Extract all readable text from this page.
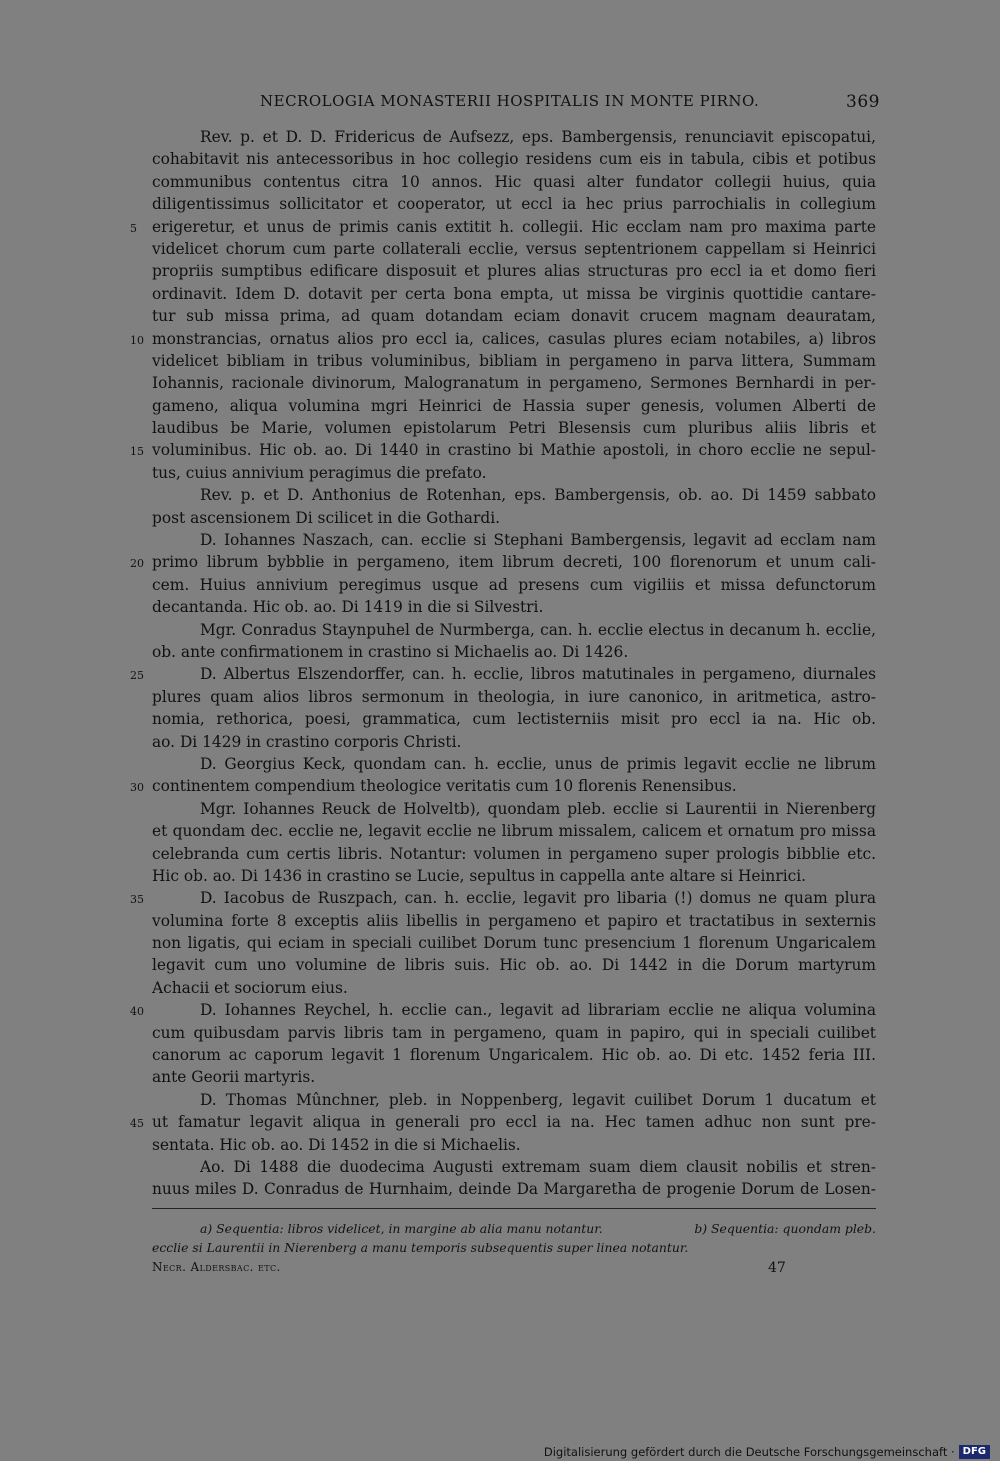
NECROLOGIA MONASTERII HOSPITALIS IN MONTE PIRNO.	369
Rev. p. et D. D. Fridericus de Aufsezz, eps. Bambergensis, renunciavit episcopatui,
cohabitavit nis antecessoribus in hoc collegio residens cum eis in tabula, cibis et potibus
communibus contentus citra 10 annos. Hic quasi alter fundator collegii huius, quia
diligentissimus sollicitator et cooperator, ut eccl ia hec prius parrochialis in collegium
5 erigeretur, et unus de primis canis extitit h. collegii. Hic ecclam nam pro maxima parte
videlicet chorum cum parte collaterali ecclie, versus septentrionem cappellam si Heinrici
propriis sumptibus edificare disposuit et plures alias structuras pro eccl ia et domo fieri
ordinavit. Idem D. dotavit per certa bona empta, ut missa be virginis quottidie cantare-
tur sub missa prima, ad quam dotandam eciam donavit crucem magnam deauratam,
10 monstrancias, ornatus alios pro eccl ia, calices, casulas plures eciam notabiles, a) libros
videlicet bibliam in tribus voluminibus, bibliam in pergameno in parva littera, Summam
Iohannis, racionale divinorum, Malogranatum in pergameno, Sermones Bernhardi in per-
gameno, aliqua volumina mgri Heinrici de Hassia super genesis, volumen Alberti de
laudibus be Marie, volumen epistolarum Petri Blesensis cum pluribus aliis libris et
15 voluminibus. Hic ob. ao. Di 1440 in crastino bi Mathie apostoli, in choro ecclie ne sepul-
tus, cuius annivium peragimus die prefato.
Rev. p. et D. Anthonius de Rotenhan, eps. Bambergensis, ob. ao. Di 1459 sabbato
post ascensionem Di scilicet in die Gothardi.
D. Iohannes Naszach, can. ecclie si Stephani Bambergensis, legavit ad ecclam nam
20 primo librum bybblie in pergameno, item librum decreti, 100 florenorum et unum cali-
cem. Huius annivium peregimus usque ad presens cum vigiliis et missa defunctorum
decantanda. Hic ob. ao. Di 1419 in die si Silvestri.
Mgr. Conradus Staynpuhel de Nurmberga, can. h. ecclie electus in decanum h. ecclie,
ob. ante confirmationem in crastino si Michaelis ao. Di 1426.
25	D. Albertus Elszendorffer, can. h. ecclie, libros matutinales in pergameno, diurnales
plures quam alios libros sermonum in theologia, in iure canonico, in aritmetica, astro-
nomia, rethorica, poesi, grammatica, cum lectisterniis misit pro eccl ia na. Hic ob.
ao. Di 1429 in crastino corporis Christi.
D. Georgius Keck, quondam can. h. ecclie, unus de primis legavit ecclie ne librum
30 continentem compendium theologice veritatis cum 10 florenis Renensibus.
Mgr. Iohannes Reuck de Holveltb), quondam pleb. ecclie si Laurentii in Nierenberg
et quondam dec. ecclie ne, legavit ecclie ne librum missalem, calicem et ornatum pro missa
celebranda cum certis libris. Notantur: volumen in pergameno super prologis bibblie etc.
Hic ob. ao. Di 1436 in crastino se Lucie, sepultus in cappella ante altare si Heinrici.
35	D. Iacobus de Ruszpach, can. h. ecclie, legavit pro libaria (!) domus ne quam plura
volumina forte 8 exceptis aliis libellis in pergameno et papiro et tractatibus in sexternis
non ligatis, qui eciam in speciali cuilibet Dorum tunc presencium 1 florenum Ungaricalem
legavit cum uno volumine de libris suis. Hic ob. ao. Di 1442 in die Dorum martyrum
Achacii et sociorum eius.
40	D. Iohannes Reychel, h. ecclie can., legavit ad librariam ecclie ne aliqua volumina
cum quibusdam parvis libris tam in pergameno, quam in papiro, qui in speciali cuilibet
canorum ac caporum legavit 1 florenum Ungaricalem. Hic ob. ao. Di etc. 1452 feria III.
ante Georii martyris.
D. Thomas Mûnchner, pleb. in Noppenberg, legavit cuilibet Dorum 1 ducatum et
45 ut famatur legavit aliqua in generali pro eccl ia na. Hec tamen adhuc non sunt pre-
sentata. Hic ob. ao. Di 1452 in die si Michaelis.
Ao. Di 1488 die duodecima Augusti extremam suam diem clausit nobilis et stren-
nuus miles D. Conradus de Hurnhaim, deinde Da Margaretha de progenie Dorum de Losen-
a) Sequentia: libros videlicet, in margine ab alia manu notantur.	b) Sequentia: quondam pleb.
ecclie si Laurentii in Nierenberg a manu temporis subsequentis super linea notantur.
Necr. Aldersbac. etc.	47
Digitalisierung gefördert durch die Deutsche Forschungsgemeinschaft · DFG
